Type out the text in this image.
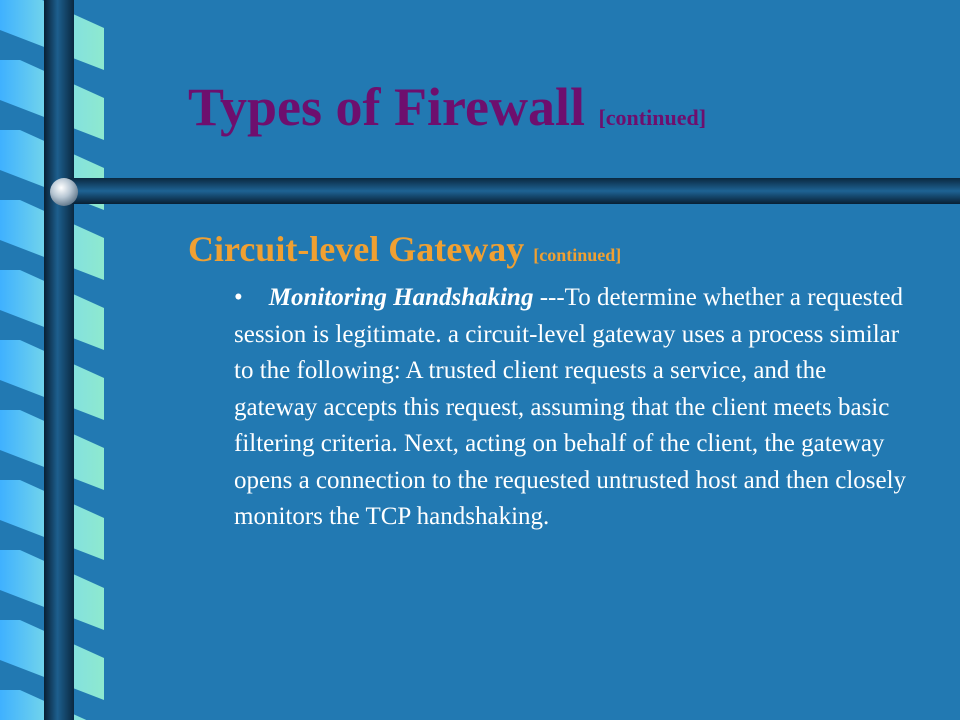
Types of Firewall [continued]
Circuit-level Gateway [continued]

• Monitoring Handshaking ---To determine whether a requested session is legitimate. a circuit-level gateway uses a process similar to the following: A trusted client requests a service, and the gateway accepts this request, assuming that the client meets basic filtering criteria. Next, acting on behalf of the client, the gateway opens a connection to the requested untrusted host and then closely monitors the TCP handshaking.
